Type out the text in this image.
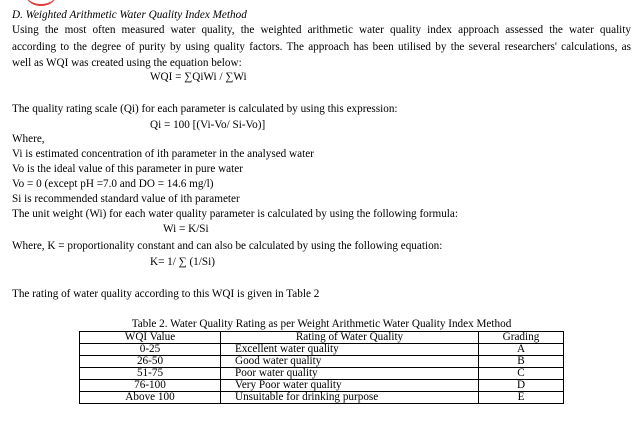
D. Weighted Arithmetic Water Quality Index Method
Using the most often measured water quality, the weighted arithmetic water quality index approach assessed the water quality
according to the degree of purity by using quality factors. The approach has been utilised by the several researchers' calculations, as
well as WQI was created using the equation below:
WQI = ∑QiWi / ∑Wi
The quality rating scale (Qi) for each parameter is calculated by using this expression:
Qi = 100 [(Vi-Vo/ Si-Vo)]
Where,
Vi is estimated concentration of ith parameter in the analysed water
Vo is the ideal value of this parameter in pure water
Vo = 0 (except pH =7.0 and DO = 14.6 mg/l)
Si is recommended standard value of ith parameter
The unit weight (Wi) for each water quality parameter is calculated by using the following formula:
Wi = K/Si
Where, K = proportionality constant and can also be calculated by using the following equation:
K= 1/ ∑ (1/Si)
The rating of water quality according to this WQI is given in Table 2
Table 2. Water Quality Rating as per Weight Arithmetic Water Quality Index Method
WQI Value	Rating of Water Quality	Grading
0-25	Excellent water quality	A
26-50	Good water quality	B
51-75	Poor water quality	C
76-100	Very Poor water quality	D
Above 100	Unsuitable for drinking purpose	E
